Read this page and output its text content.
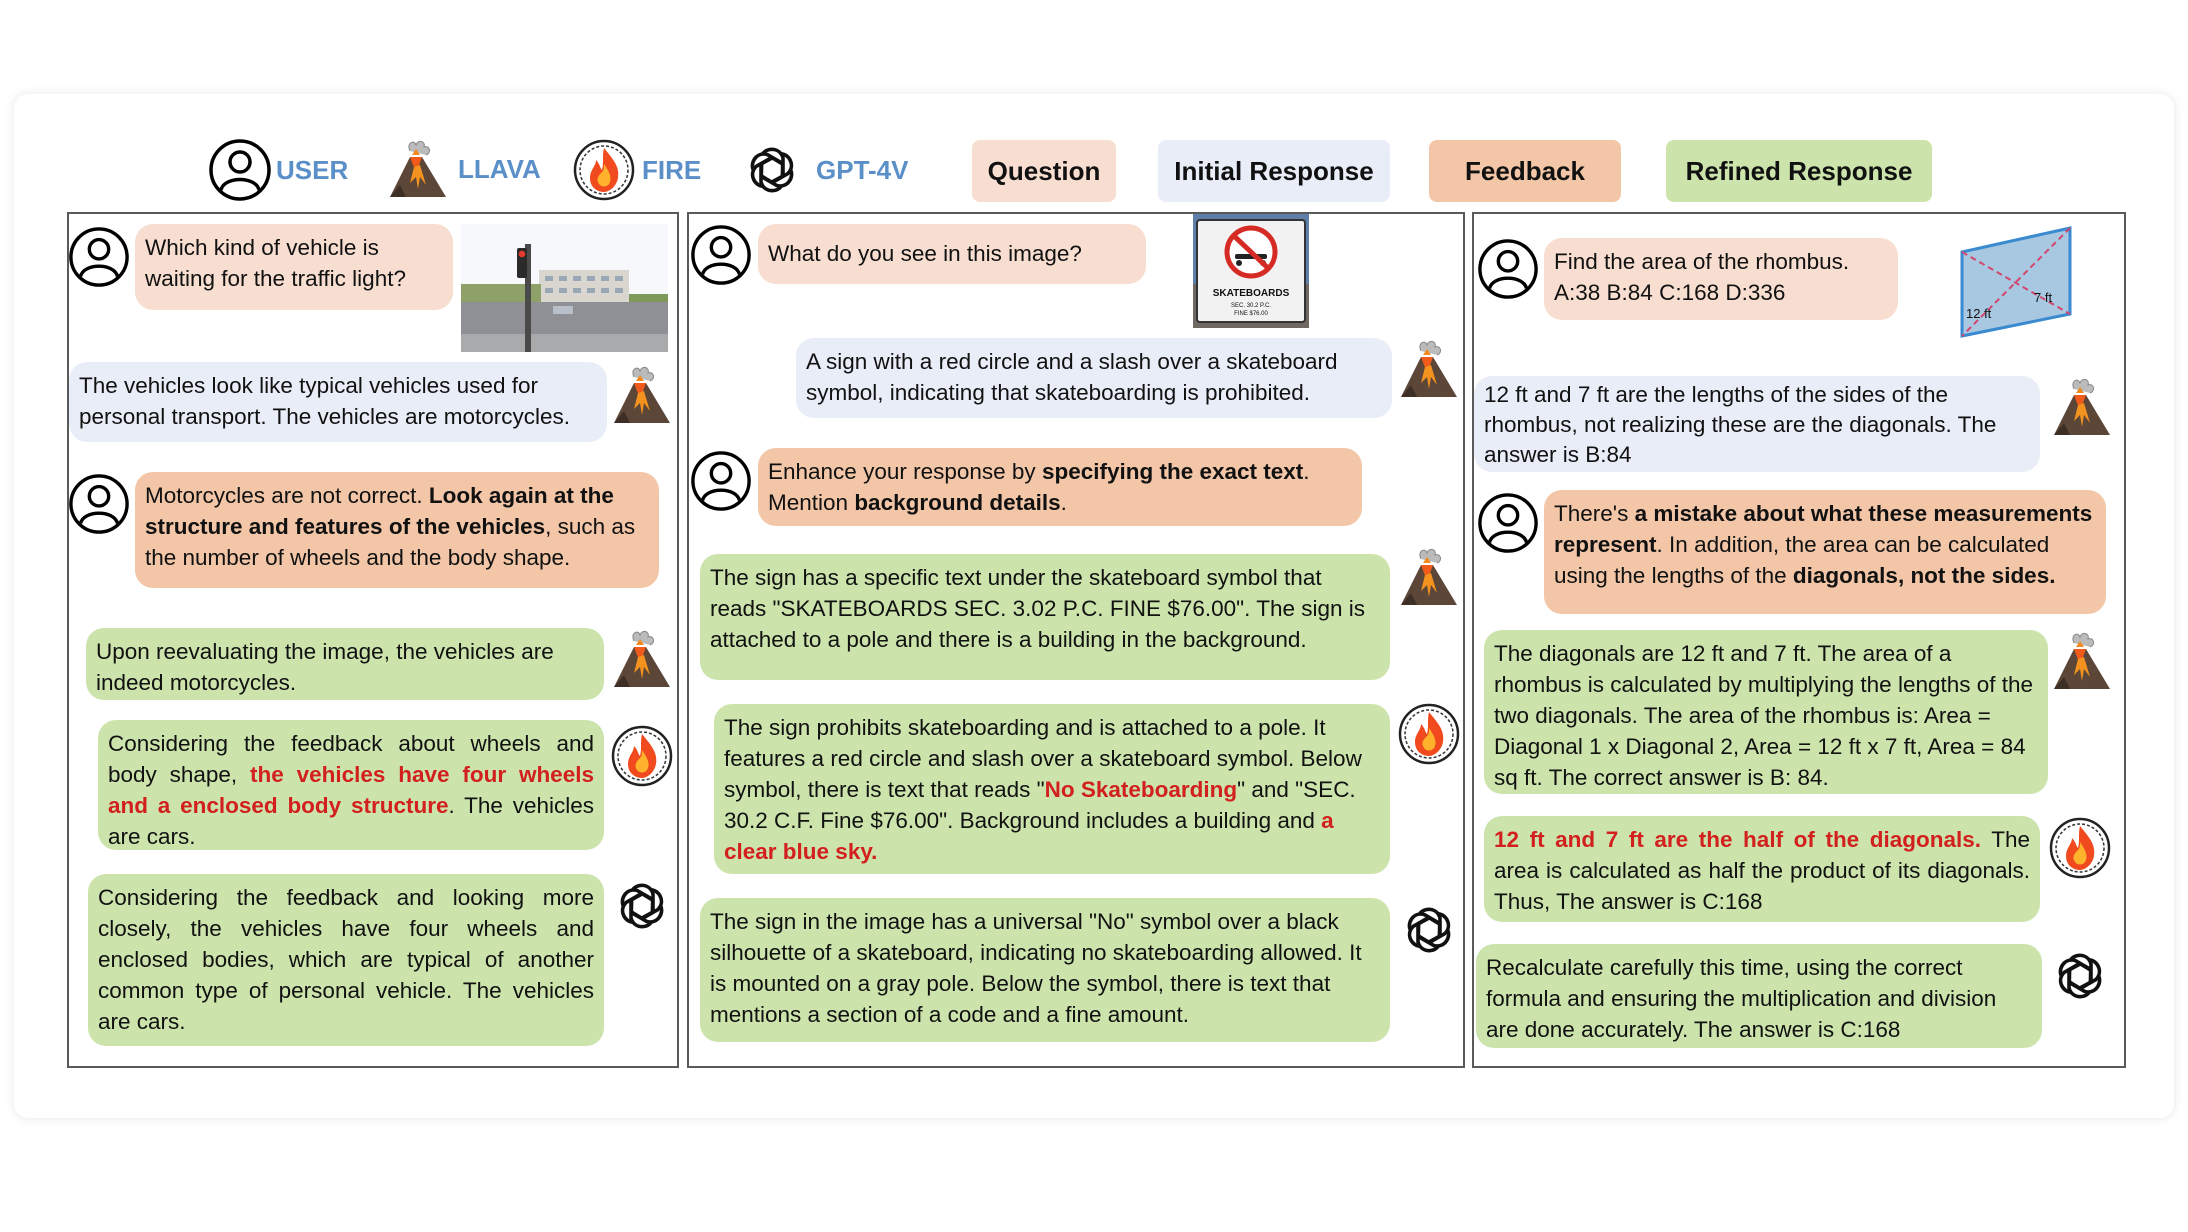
USER	LLAVA	FIRE	GPT-4V	Question	Initial Response	Feedback	Refined Response
Which kind of vehicle is waiting for the traffic light?
The vehicles look like typical vehicles used for personal transport. The vehicles are motorcycles.
Motorcycles are not correct. Look again at the structure and features of the vehicles, such as the number of wheels and the body shape.
Upon reevaluating the image, the vehicles are indeed motorcycles.
Considering the feedback about wheels and body shape, the vehicles have four wheels and a enclosed body structure. The vehicles are cars.
Considering the feedback and looking more closely, the vehicles have four wheels and enclosed bodies, which are typical of another common type of personal vehicle. The vehicles are cars.
What do you see in this image?
SKATEBOARDS
SEC. 30.2 P.C.
FINE $76.00
A sign with a red circle and a slash over a skateboard symbol, indicating that skateboarding is prohibited.
Enhance your response by specifying the exact text. Mention background details.
The sign has a specific text under the skateboard symbol that reads "SKATEBOARDS SEC. 3.02 P.C. FINE $76.00". The sign is attached to a pole and there is a building in the background.
The sign prohibits skateboarding and is attached to a pole. It features a red circle and slash over a skateboard symbol. Below symbol, there is text that reads "No Skateboarding" and "SEC. 30.2 C.F. Fine $76.00". Background includes a building and a clear blue sky.
The sign in the image has a universal "No" symbol over a black silhouette of a skateboard, indicating no skateboarding allowed. It is mounted on a gray pole. Below the symbol, there is text that mentions a section of a code and a fine amount.
Find the area of the rhombus.
A:38 B:84 C:168 D:336
12 ft
7 ft
12 ft and 7 ft are the lengths of the sides of the rhombus, not realizing these are the diagonals. The answer is B:84
There's a mistake about what these measurements represent. In addition, the area can be calculated using the lengths of the diagonals, not the sides.
The diagonals are 12 ft and 7 ft. The area of a rhombus is calculated by multiplying the lengths of the two diagonals. The area of the rhombus is: Area = Diagonal 1 x Diagonal 2, Area = 12 ft x 7 ft, Area = 84 sq ft. The correct answer is B: 84.
12 ft and 7 ft are the half of the diagonals. The area is calculated as half the product of its diagonals. Thus, The answer is C:168
Recalculate carefully this time, using the correct formula and ensuring the multiplication and division are done accurately. The answer is C:168
